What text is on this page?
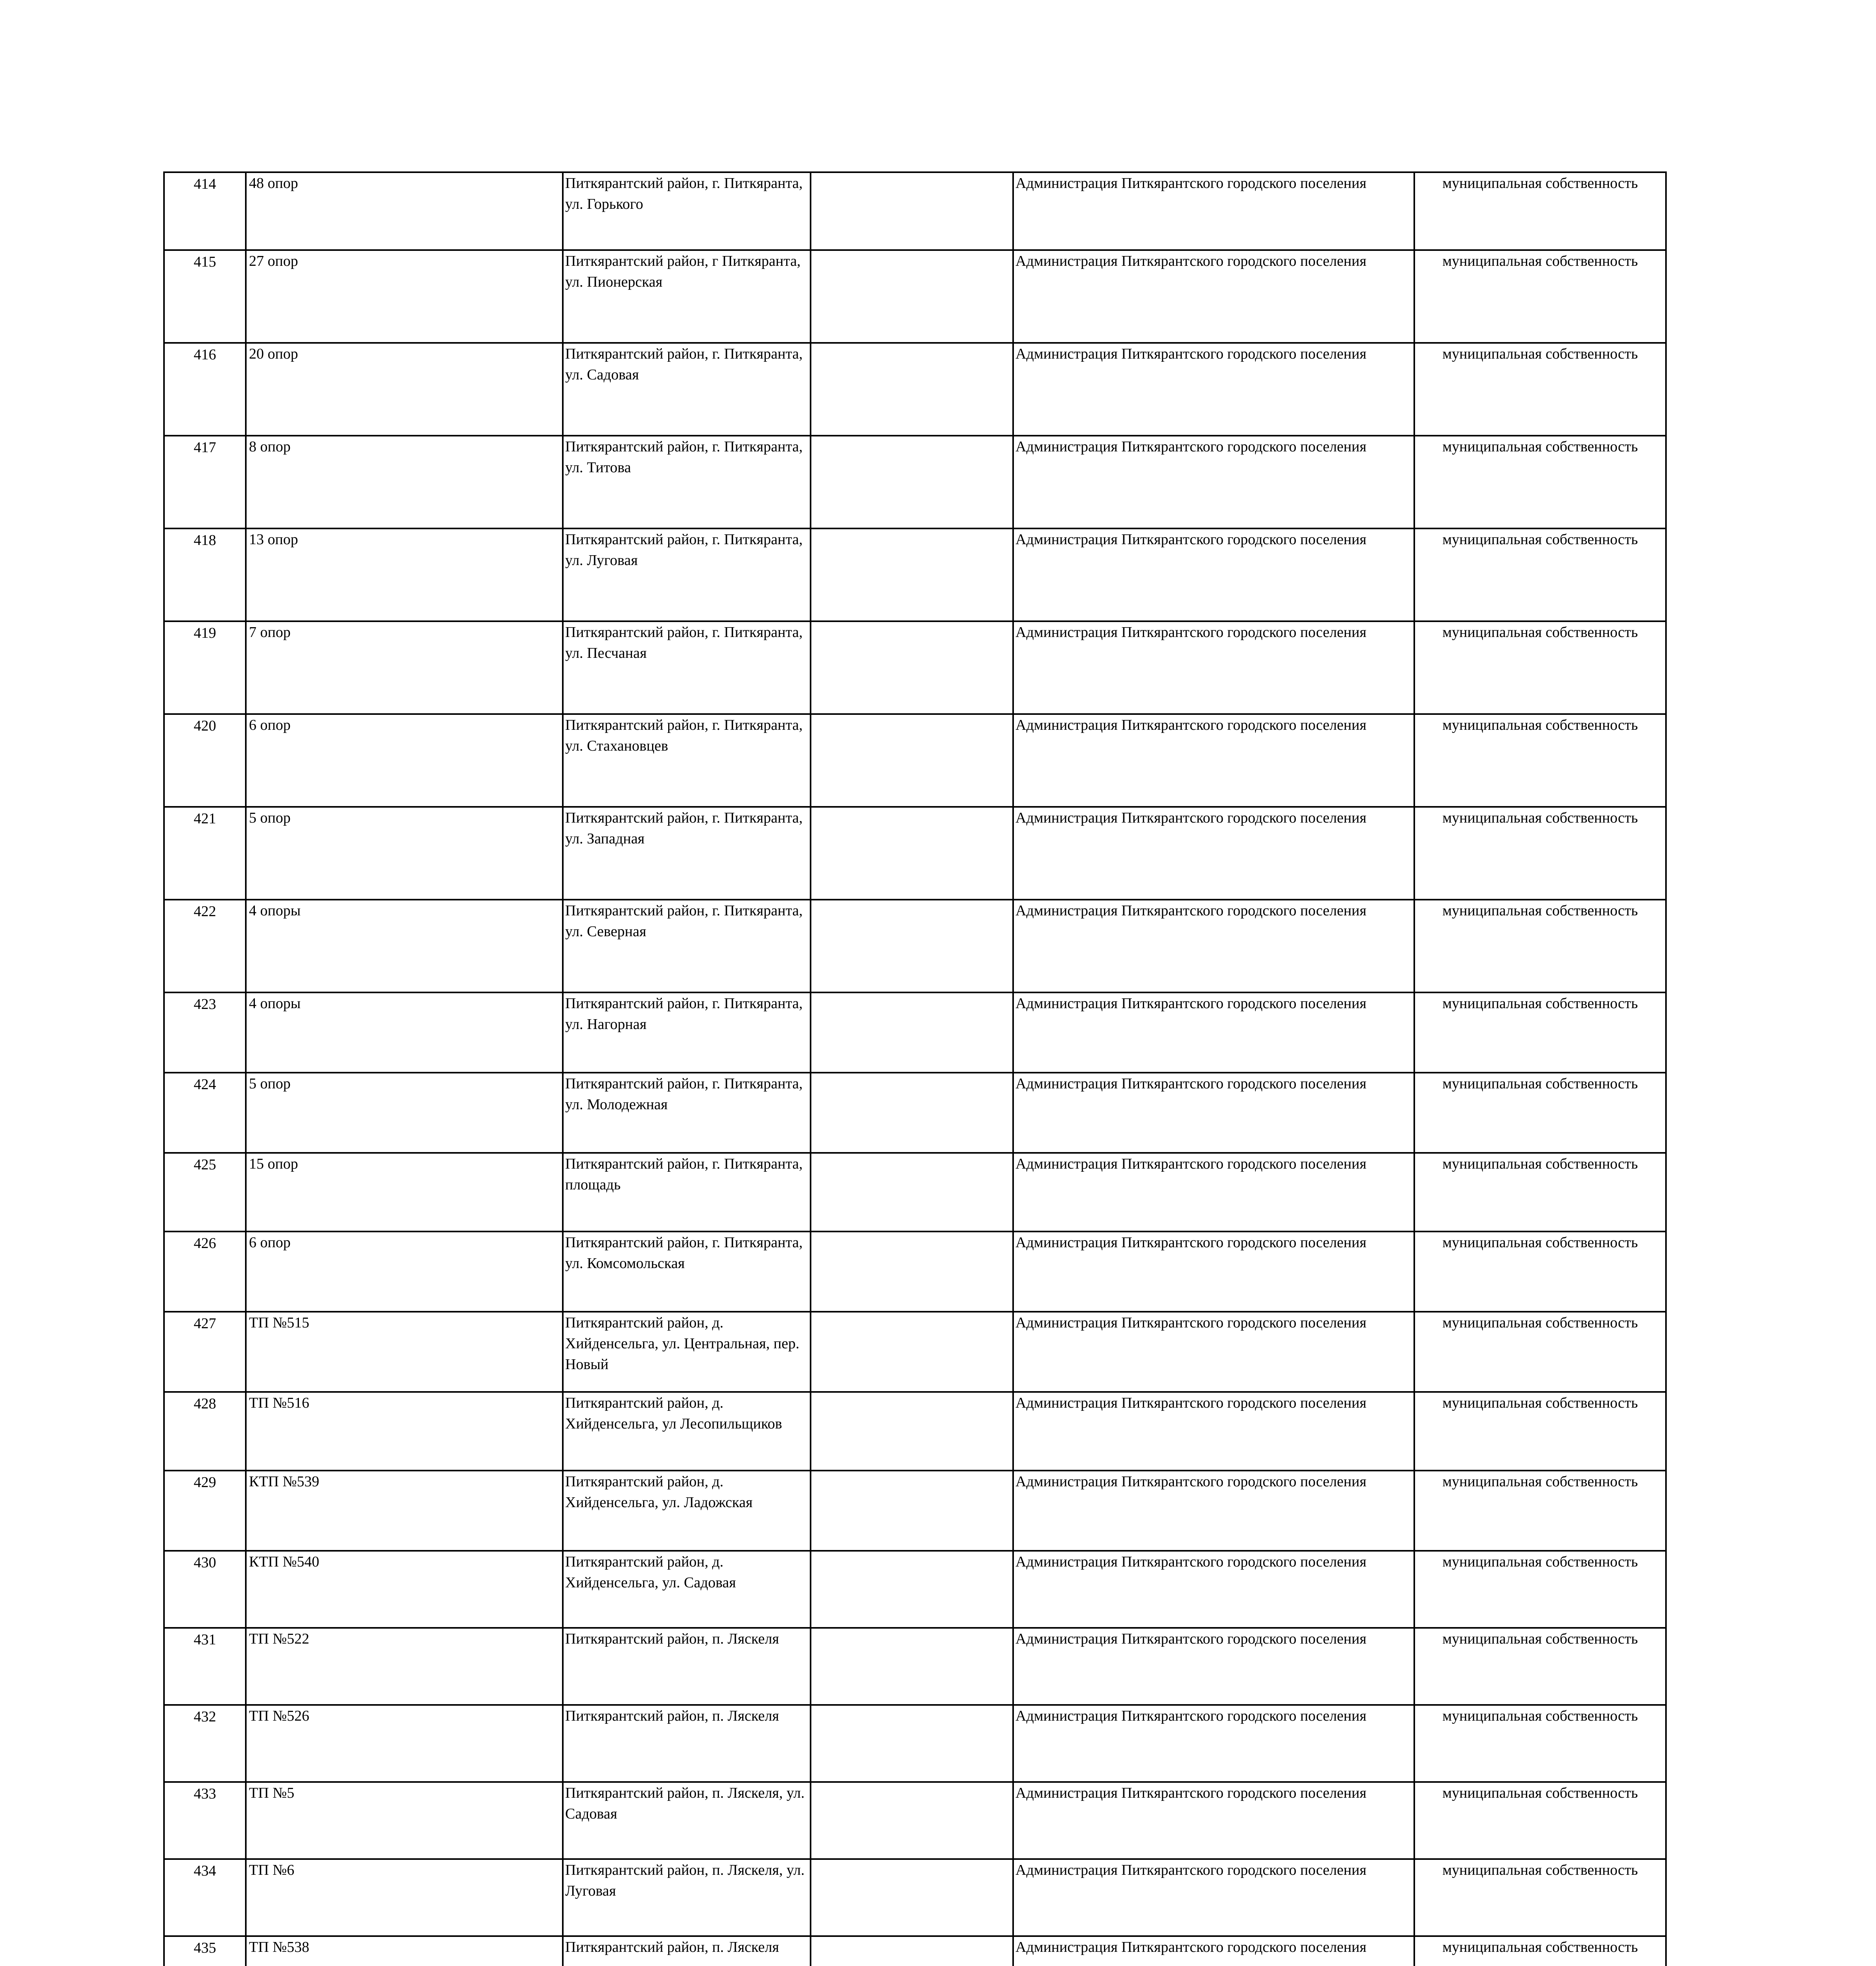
414	48 опор	Питкярантский район, г. Питкяранта, ул. Горького		Администрация Питкярантского городского поселения	муниципальная собственность
415	27 опор	Питкярантский район, г Питкяранта, ул. Пионерская		Администрация Питкярантского городского поселения	муниципальная собственность
416	20 опор	Питкярантский район, г. Питкяранта, ул. Садовая		Администрация Питкярантского городского поселения	муниципальная собственность
417	8 опор	Питкярантский район, г. Питкяранта, ул. Титова		Администрация Питкярантского городского поселения	муниципальная собственность
418	13 опор	Питкярантский район, г. Питкяранта, ул. Луговая		Администрация Питкярантского городского поселения	муниципальная собственность
419	7 опор	Питкярантский район, г. Питкяранта, ул. Песчаная		Администрация Питкярантского городского поселения	муниципальная собственность
420	6 опор	Питкярантский район, г. Питкяранта, ул. Стахановцев		Администрация Питкярантского городского поселения	муниципальная собственность
421	5 опор	Питкярантский район, г. Питкяранта, ул. Западная		Администрация Питкярантского городского поселения	муниципальная собственность
422	4 опоры	Питкярантский район, г. Питкяранта, ул. Северная		Администрация Питкярантского городского поселения	муниципальная собственность
423	4 опоры	Питкярантский район, г. Питкяранта, ул. Нагорная		Администрация Питкярантского городского поселения	муниципальная собственность
424	5 опор	Питкярантский район, г. Питкяранта, ул. Молодежная		Администрация Питкярантского городского поселения	муниципальная собственность
425	15 опор	Питкярантский район, г. Питкяранта, площадь		Администрация Питкярантского городского поселения	муниципальная собственность
426	6 опор	Питкярантский район, г. Питкяранта, ул. Комсомольская		Администрация Питкярантского городского поселения	муниципальная собственность
427	ТП №515	Питкярантский район, д. Хийденсельга, ул. Центральная, пер. Новый		Администрация Питкярантского городского поселения	муниципальная собственность
428	ТП №516	Питкярантский район, д. Хийденсельга, ул Лесопильщиков		Администрация Питкярантского городского поселения	муниципальная собственность
429	КТП №539	Питкярантский район, д. Хийденсельга, ул. Ладожская		Администрация Питкярантского городского поселения	муниципальная собственность
430	КТП №540	Питкярантский район, д. Хийденсельга, ул. Садовая		Администрация Питкярантского городского поселения	муниципальная собственность
431	ТП №522	Питкярантский район, п. Ляскеля		Администрация Питкярантского городского поселения	муниципальная собственность
432	ТП №526	Питкярантский район, п. Ляскеля		Администрация Питкярантского городского поселения	муниципальная собственность
433	ТП №5	Питкярантский район, п. Ляскеля, ул. Садовая		Администрация Питкярантского городского поселения	муниципальная собственность
434	ТП №6	Питкярантский район, п. Ляскеля, ул. Луговая		Администрация Питкярантского городского поселения	муниципальная собственность
435	ТП №538	Питкярантский район, п. Ляскеля		Администрация Питкярантского городского поселения	муниципальная собственность
